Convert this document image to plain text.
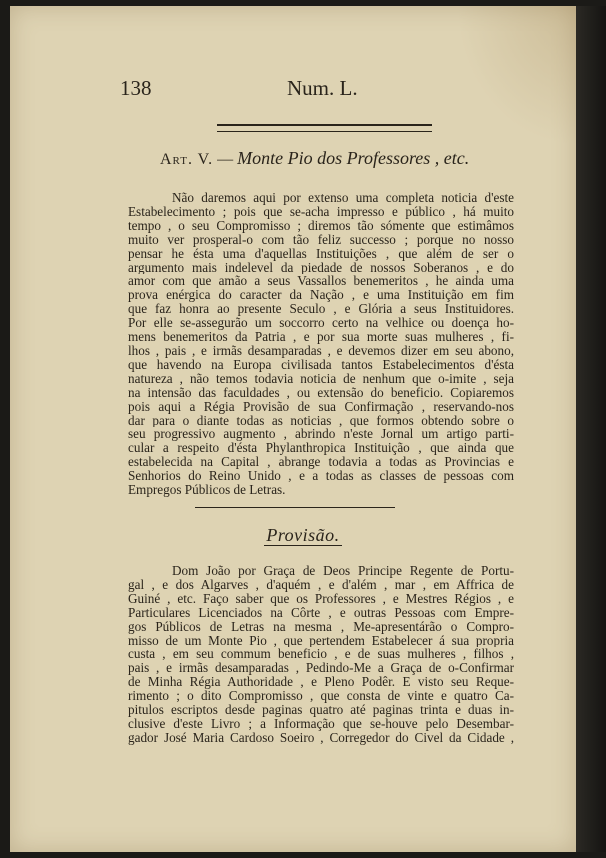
138	Num. L.
Art. V. — Monte Pio dos Professores , etc.
Não daremos aqui por extenso uma completa noticia d'este
Estabelecimento ; pois que se-acha impresso e público , há muito
tempo , o seu Compromisso ; diremos tão sómente que estimâmos
muito ver prosperal-o com tão feliz successo ; porque no nosso
pensar he ésta uma d'aquellas Instituições , que além de ser o
argumento mais indelevel da piedade de nossos Soberanos , e do
amor com que amão a seus Vassallos benemeritos , he ainda uma
prova enérgica do caracter da Nação , e uma Instituição em fim
que faz honra ao presente Seculo , e Glória a seus Instituidores.
Por elle se-assegurão um soccorro certo na velhice ou doença ho-
mens benemeritos da Patria , e por sua morte suas mulheres , fi-
lhos , pais , e irmãs desamparadas , e devemos dizer em seu abono,
que havendo na Europa civilisada tantos Estabelecimentos d'ésta
natureza , não temos todavia noticia de nenhum que o-imite , seja
na intensão das faculdades , ou extensão do beneficio. Copiaremos
pois aqui a Régia Provisão de sua Confirmação , reservando-nos
dar para o diante todas as noticias , que formos obtendo sobre o
seu progressivo augmento , abrindo n'este Jornal um artigo parti-
cular a respeito d'ésta Phylanthropica Instituição , que ainda que
estabelecida na Capital , abrange todavia a todas as Provincias e
Senhorios do Reino Unido , e a todas as classes de pessoas com
Empregos Públicos de Letras.
Provisão.
Dom João por Graça de Deos Principe Regente de Portu-
gal , e dos Algarves , d'aquém , e d'além , mar , em Affrica de
Guiné , etc. Faço saber que os Professores , e Mestres Régios , e
Particulares Licenciados na Côrte , e outras Pessoas com Empre-
gos Públicos de Letras na mesma , Me-apresentárão o Compro-
misso de um Monte Pio , que pertendem Estabelecer á sua propria
custa , em seu commum beneficio , e de suas mulheres , filhos ,
pais , e irmãs desamparadas , Pedindo-Me a Graça de o-Confirmar
de Minha Régia Authoridade , e Pleno Podêr. E visto seu Reque-
rimento ; o dito Compromisso , que consta de vinte e quatro Ca-
pitulos escriptos desde paginas quatro até paginas trinta e duas in-
clusive d'este Livro ; a Informação que se-houve pelo Desembar-
gador José Maria Cardoso Soeiro , Corregedor do Civel da Cidade ,
